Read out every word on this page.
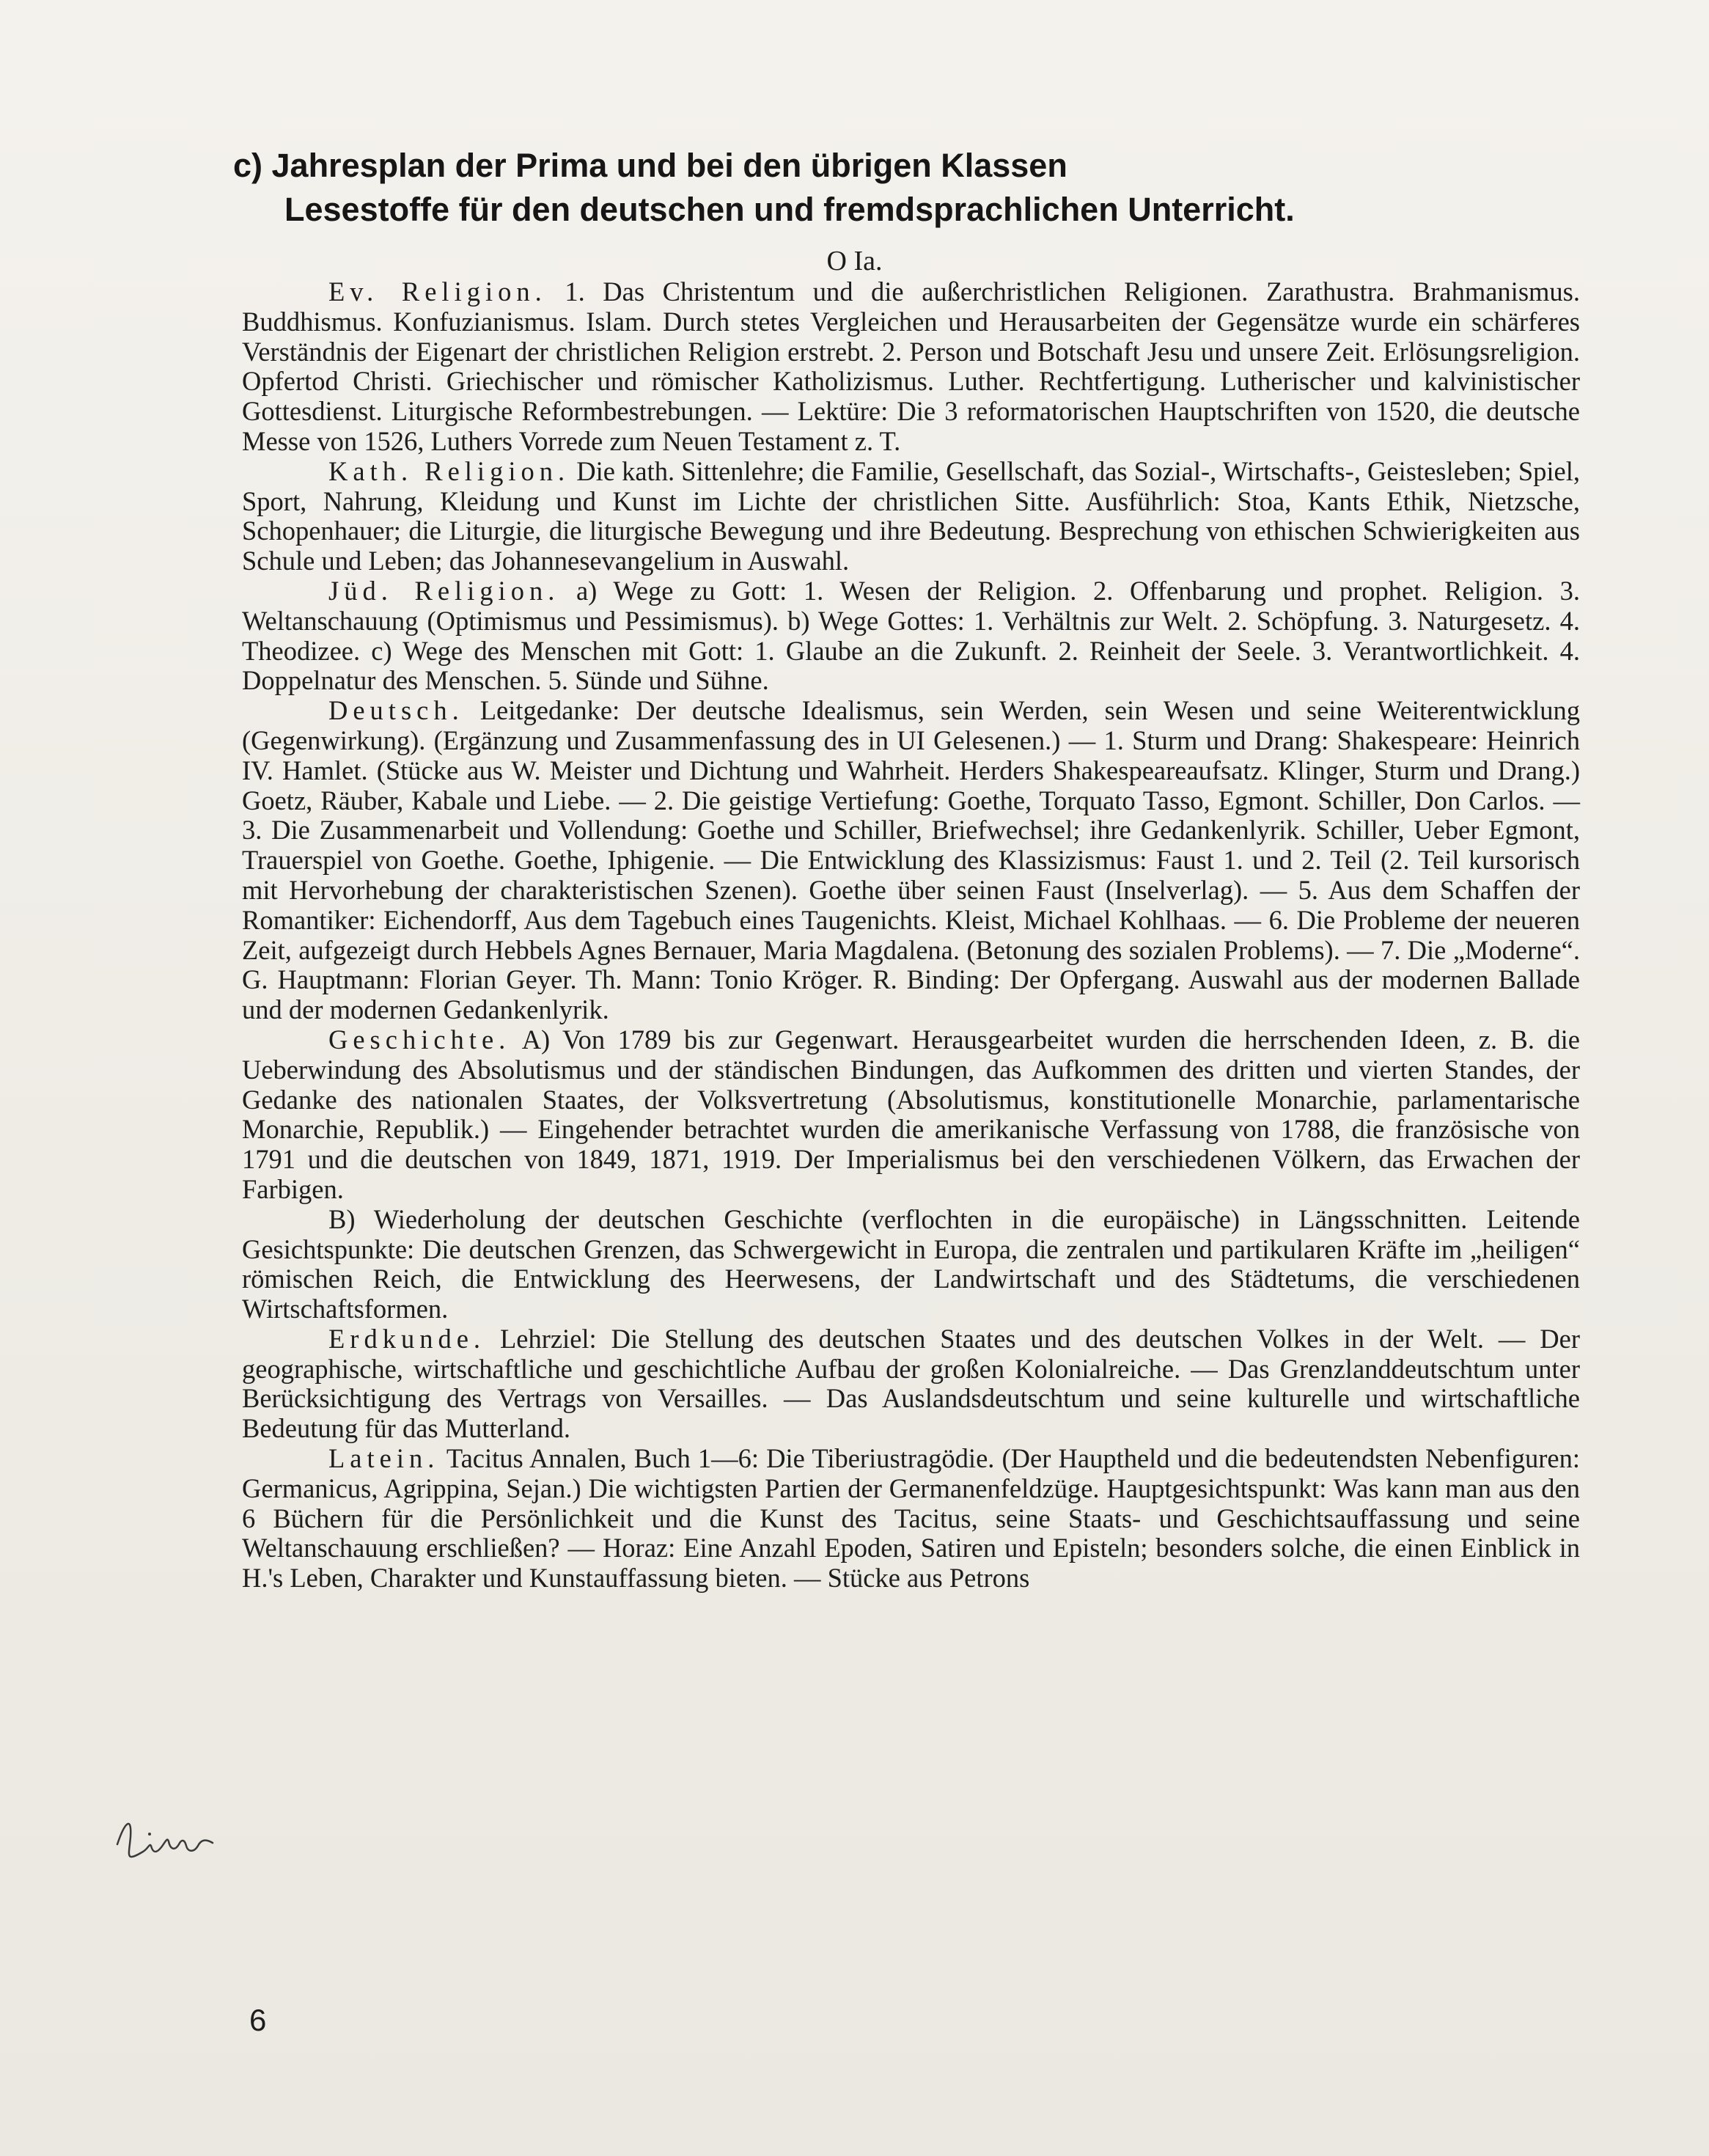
c) Jahresplan der Prima und bei den übrigen Klassen
Lesestoffe für den deutschen und fremdsprachlichen Unterricht.
O Ia.

Ev. Religion. 1. Das Christentum und die außerchristlichen Religionen. Zarathustra. Brahmanismus. Buddhismus. Konfuzianismus. Islam. Durch stetes Vergleichen und Herausarbeiten der Gegensätze wurde ein schärferes Verständnis der Eigenart der christlichen Religion erstrebt. 2. Person und Botschaft Jesu und unsere Zeit. Erlösungsreligion. Opfertod Christi. Griechischer und römischer Katholizismus. Luther. Rechtfertigung. Lutherischer und kalvinistischer Gottesdienst. Liturgische Reformbestrebungen. — Lektüre: Die 3 reformatorischen Hauptschriften von 1520, die deutsche Messe von 1526, Luthers Vorrede zum Neuen Testament z. T.

Kath. Religion. Die kath. Sittenlehre; die Familie, Gesellschaft, das Sozial-, Wirtschafts-, Geistesleben; Spiel, Sport, Nahrung, Kleidung und Kunst im Lichte der christlichen Sitte. Ausführlich: Stoa, Kants Ethik, Nietzsche, Schopenhauer; die Liturgie, die liturgische Bewegung und ihre Bedeutung. Besprechung von ethischen Schwierigkeiten aus Schule und Leben; das Johannesevangelium in Auswahl.

Jüd. Religion. a) Wege zu Gott: 1. Wesen der Religion. 2. Offenbarung und prophet. Religion. 3. Weltanschauung (Optimismus und Pessimismus). b) Wege Gottes: 1. Verhältnis zur Welt. 2. Schöpfung. 3. Naturgesetz. 4. Theodizee. c) Wege des Menschen mit Gott: 1. Glaube an die Zukunft. 2. Reinheit der Seele. 3. Verantwortlichkeit. 4. Doppelnatur des Menschen. 5. Sünde und Sühne.

Deutsch. Leitgedanke: Der deutsche Idealismus, sein Werden, sein Wesen und seine Weiterentwicklung (Gegenwirkung). (Ergänzung und Zusammenfassung des in UI Gelesenen.) — 1. Sturm und Drang: Shakespeare: Heinrich IV. Hamlet. (Stücke aus W. Meister und Dichtung und Wahrheit. Herders Shakespeareaufsatz. Klinger, Sturm und Drang.) Goetz, Räuber, Kabale und Liebe. — 2. Die geistige Vertiefung: Goethe, Torquato Tasso, Egmont. Schiller, Don Carlos. — 3. Die Zusammenarbeit und Vollendung: Goethe und Schiller, Briefwechsel; ihre Gedankenlyrik. Schiller, Ueber Egmont, Trauerspiel von Goethe. Goethe, Iphigenie. — Die Entwicklung des Klassizismus: Faust 1. und 2. Teil (2. Teil kursorisch mit Hervorhebung der charakteristischen Szenen). Goethe über seinen Faust (Inselverlag). — 5. Aus dem Schaffen der Romantiker: Eichendorff, Aus dem Tagebuch eines Taugenichts. Kleist, Michael Kohlhaas. — 6. Die Probleme der neueren Zeit, aufgezeigt durch Hebbels Agnes Bernauer, Maria Magdalena. (Betonung des sozialen Problems). — 7. Die „Moderne“. G. Hauptmann: Florian Geyer. Th. Mann: Tonio Kröger. R. Binding: Der Opfergang. Auswahl aus der modernen Ballade und der modernen Gedankenlyrik.

Geschichte. A) Von 1789 bis zur Gegenwart. Herausgearbeitet wurden die herrschenden Ideen, z. B. die Ueberwindung des Absolutismus und der ständischen Bindungen, das Aufkommen des dritten und vierten Standes, der Gedanke des nationalen Staates, der Volksvertretung (Absolutismus, konstitutionelle Monarchie, parlamentarische Monarchie, Republik.) — Eingehender betrachtet wurden die amerikanische Verfassung von 1788, die französische von 1791 und die deutschen von 1849, 1871, 1919. Der Imperialismus bei den verschiedenen Völkern, das Erwachen der Farbigen.

B) Wiederholung der deutschen Geschichte (verflochten in die europäische) in Längsschnitten. Leitende Gesichtspunkte: Die deutschen Grenzen, das Schwergewicht in Europa, die zentralen und partikularen Kräfte im „heiligen“ römischen Reich, die Entwicklung des Heerwesens, der Landwirtschaft und des Städtetums, die verschiedenen Wirtschaftsformen.

Erdkunde. Lehrziel: Die Stellung des deutschen Staates und des deutschen Volkes in der Welt. — Der geographische, wirtschaftliche und geschichtliche Aufbau der großen Kolonialreiche. — Das Grenzlanddeutschtum unter Berücksichtigung des Vertrags von Versailles. — Das Auslandsdeutschtum und seine kulturelle und wirtschaftliche Bedeutung für das Mutterland.

Latein. Tacitus Annalen, Buch 1—6: Die Tiberiustragödie. (Der Hauptheld und die bedeutendsten Nebenfiguren: Germanicus, Agrippina, Sejan.) Die wichtigsten Partien der Germanenfeldzüge. Hauptgesichtspunkt: Was kann man aus den 6 Büchern für die Persönlichkeit und die Kunst des Tacitus, seine Staats- und Geschichtsauffassung und seine Weltanschauung erschließen? — Horaz: Eine Anzahl Epoden, Satiren und Episteln; besonders solche, die einen Einblick in H.'s Leben, Charakter und Kunstauffassung bieten. — Stücke aus Petrons

6
